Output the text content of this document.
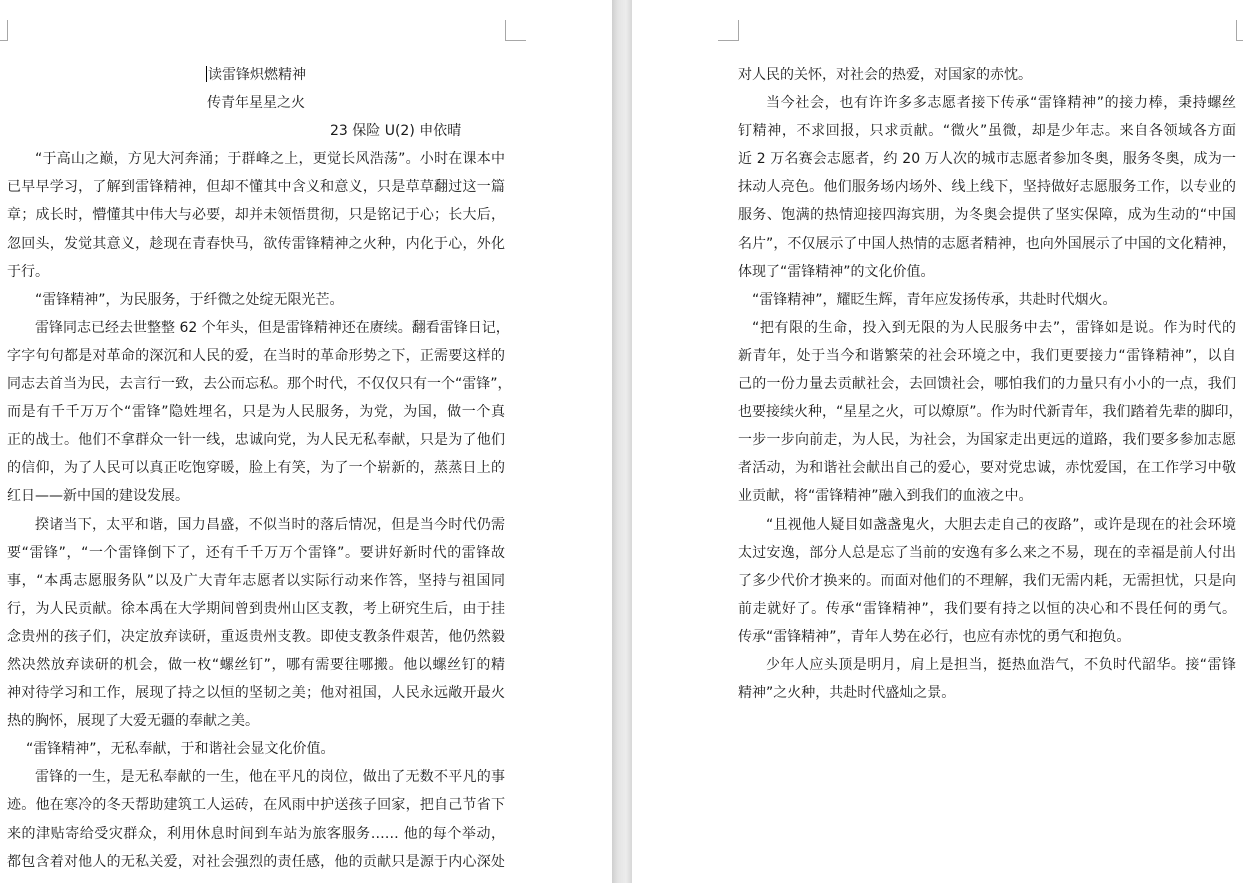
读雷锋炽燃精神
传青年星星之火
23 保险 U(2) 申依晴
“于高山之巅，方见大河奔涌；于群峰之上，更觉长风浩荡”。小时在课本中
已早早学习，了解到雷锋精神，但却不懂其中含义和意义，只是草草翻过这一篇
章；成长时，懵懂其中伟大与必要，却并未领悟贯彻，只是铭记于心；长大后，
忽回头，发觉其意义，趁现在青春快马，欲传雷锋精神之火种，内化于心，外化
于行。
“雷锋精神”，为民服务，于纤微之处绽无限光芒。
雷锋同志已经去世整整 62 个年头，但是雷锋精神还在赓续。翻看雷锋日记，
字字句句都是对革命的深沉和人民的爱，在当时的革命形势之下，正需要这样的
同志去首当为民，去言行一致，去公而忘私。那个时代，不仅仅只有一个“雷锋”，
而是有千千万万个“雷锋”隐姓埋名，只是为人民服务，为党，为国，做一个真
正的战士。他们不拿群众一针一线，忠诚向党，为人民无私奉献，只是为了他们
的信仰，为了人民可以真正吃饱穿暖，脸上有笑，为了一个崭新的，蒸蒸日上的
红日——新中国的建设发展。
揆诸当下，太平和谐，国力昌盛，不似当时的落后情况，但是当今时代仍需
要“雷锋”，“一个雷锋倒下了，还有千千万万个雷锋”。要讲好新时代的雷锋故
事，“本禹志愿服务队”以及广大青年志愿者以实际行动来作答，坚持与祖国同
行，为人民贡献。徐本禹在大学期间曾到贵州山区支教，考上研究生后，由于挂
念贵州的孩子们，决定放弃读研，重返贵州支教。即使支教条件艰苦，他仍然毅
然决然放弃读研的机会，做一枚“螺丝钉”，哪有需要往哪搬。他以螺丝钉的精
神对待学习和工作，展现了持之以恒的坚韧之美；他对祖国，人民永远敞开最火
热的胸怀，展现了大爱无疆的奉献之美。
“雷锋精神”，无私奉献，于和谐社会显文化价值。
雷锋的一生，是无私奉献的一生，他在平凡的岗位，做出了无数不平凡的事
迹。他在寒冷的冬天帮助建筑工人运砖，在风雨中护送孩子回家，把自己节省下
来的津贴寄给受灾群众，利用休息时间到车站为旅客服务…… 他的每个举动，
都包含着对他人的无私关爱，对社会强烈的责任感，他的贡献只是源于内心深处
对人民的关怀，对社会的热爱，对国家的赤忱。
当今社会，也有许许多多志愿者接下传承“雷锋精神”的接力棒，秉持螺丝
钉精神，不求回报，只求贡献。“微火”虽微，却是少年志。来自各领域各方面
近 2 万名赛会志愿者，约 20 万人次的城市志愿者参加冬奥，服务冬奥，成为一
抹动人亮色。他们服务场内场外、线上线下，坚持做好志愿服务工作，以专业的
服务、饱满的热情迎接四海宾朋，为冬奥会提供了坚实保障，成为生动的“中国
名片”，不仅展示了中国人热情的志愿者精神，也向外国展示了中国的文化精神，
体现了“雷锋精神”的文化价值。
“雷锋精神”，耀眨生辉，青年应发扬传承，共赴时代烟火。
“把有限的生命，投入到无限的为人民服务中去”，雷锋如是说。作为时代的
新青年，处于当今和谐繁荣的社会环境之中，我们更要接力“雷锋精神”，以自
己的一份力量去贡献社会，去回馈社会，哪怕我们的力量只有小小的一点，我们
也要接续火种，“星星之火，可以燎原”。作为时代新青年，我们踏着先辈的脚印，
一步一步向前走，为人民，为社会，为国家走出更远的道路，我们要多参加志愿
者活动，为和谐社会献出自己的爱心，要对党忠诚，赤忱爱国，在工作学习中敬
业贡献，将“雷锋精神”融入到我们的血液之中。
“且视他人疑目如盏盏鬼火，大胆去走自己的夜路”，或许是现在的社会环境
太过安逸，部分人总是忘了当前的安逸有多么来之不易，现在的幸福是前人付出
了多少代价才换来的。而面对他们的不理解，我们无需内耗，无需担忧，只是向
前走就好了。传承“雷锋精神”，我们要有持之以恒的决心和不畏任何的勇气。
传承“雷锋精神”，青年人势在必行，也应有赤忱的勇气和抱负。
少年人应头顶是明月，肩上是担当，挺热血浩气，不负时代韶华。接“雷锋
精神”之火种，共赴时代盛灿之景。
